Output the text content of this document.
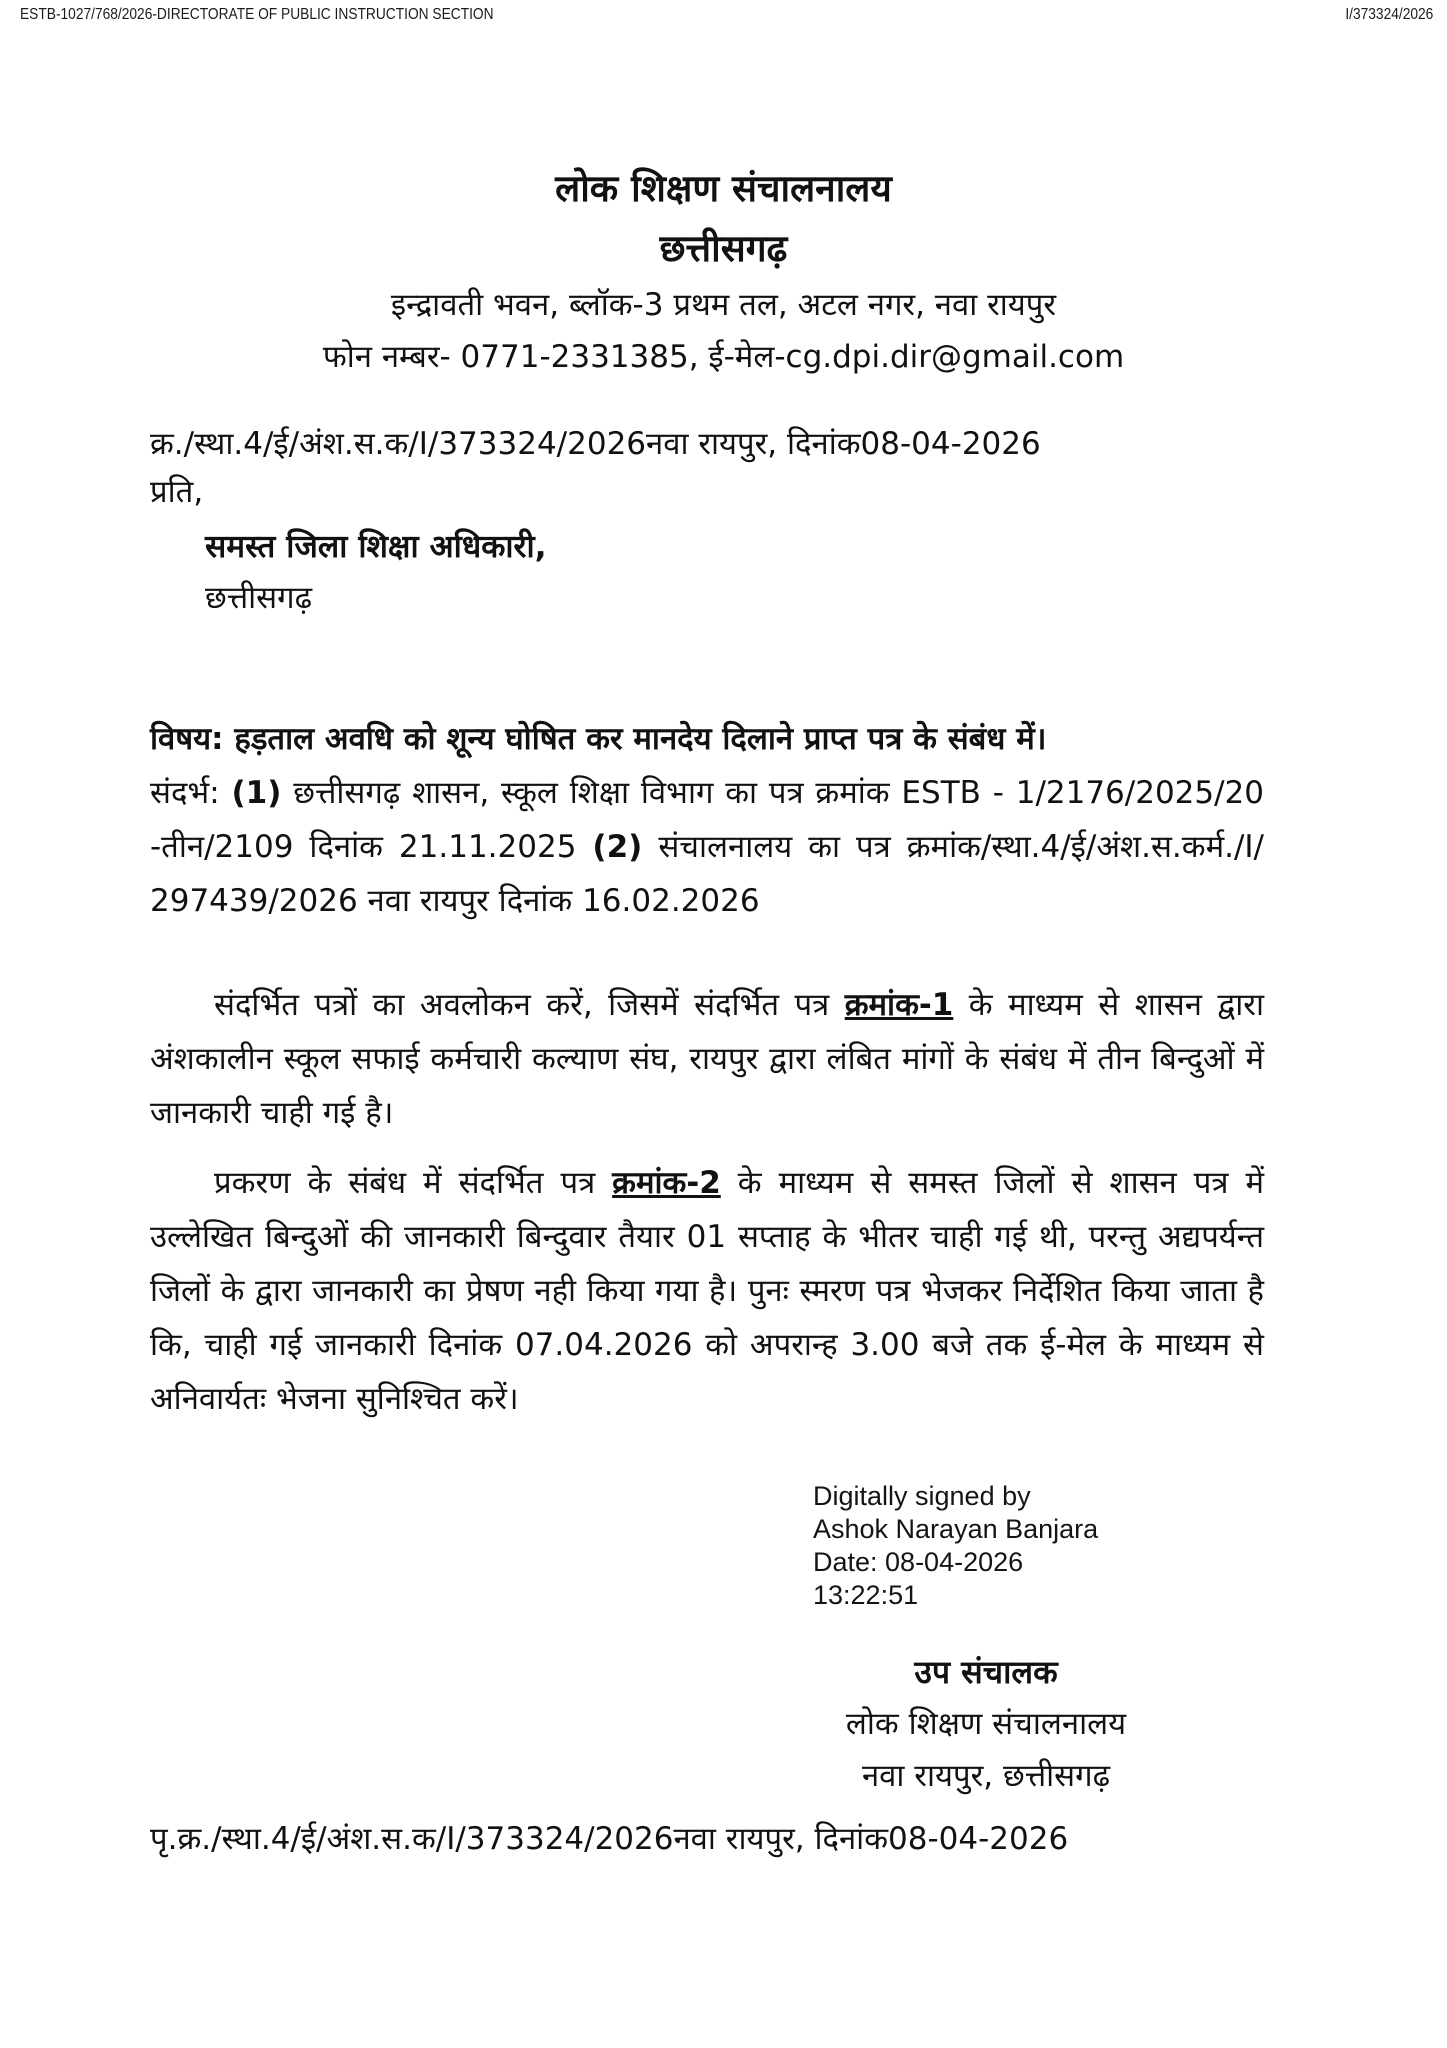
ESTB-1027/768/2026-DIRECTORATE OF PUBLIC INSTRUCTION SECTION	I/373324/2026
लोक शिक्षण संचालनालय
छत्तीसगढ़
इन्द्रावती भवन, ब्लॉक-3 प्रथम तल, अटल नगर, नवा रायपुर
फोन नम्बर- 0771-2331385, ई-मेल-cg.dpi.dir@gmail.com
क्र./स्था.4/ई/अंश.स.क/I/373324/2026नवा रायपुर, दिनांक08-04-2026
प्रति,
समस्त जिला शिक्षा अधिकारी,
छत्तीसगढ़
विषय: हड़ताल अवधि को शून्य घोषित कर मानदेय दिलाने प्राप्त पत्र के संबंध में।
संदर्भ: (1) छत्तीसगढ़ शासन, स्कूल शिक्षा विभाग का पत्र क्रमांक ESTB - 1/2176/2025/20 -तीन/2109 दिनांक 21.11.2025 (2) संचालनालय का पत्र क्रमांक/स्था.4/ई/अंश.स.कर्म./I/ 297439/2026 नवा रायपुर दिनांक 16.02.2026
संदर्भित पत्रों का अवलोकन करें, जिसमें संदर्भित पत्र क्रमांक-1 के माध्यम से शासन द्वारा अंशकालीन स्कूल सफाई कर्मचारी कल्याण संघ, रायपुर द्वारा लंबित मांगों के संबंध में तीन बिन्दुओं में जानकारी चाही गई है।
प्रकरण के संबंध में संदर्भित पत्र क्रमांक-2 के माध्यम से समस्त जिलों से शासन पत्र में उल्लेखित बिन्दुओं की जानकारी बिन्दुवार तैयार 01 सप्ताह के भीतर चाही गई थी, परन्तु अद्यपर्यन्त जिलों के द्वारा जानकारी का प्रेषण नही किया गया है। पुनः स्मरण पत्र भेजकर निर्देशित किया जाता है कि, चाही गई जानकारी दिनांक 07.04.2026 को अपरान्ह 3.00 बजे तक ई-मेल के माध्यम से अनिवार्यतः भेजना सुनिश्चित करें।
Digitally signed by
Ashok Narayan Banjara
Date: 08-04-2026
13:22:51
उप संचालक
लोक शिक्षण संचालनालय
नवा रायपुर, छत्तीसगढ़
पृ.क्र./स्था.4/ई/अंश.स.क/I/373324/2026नवा रायपुर, दिनांक08-04-2026
